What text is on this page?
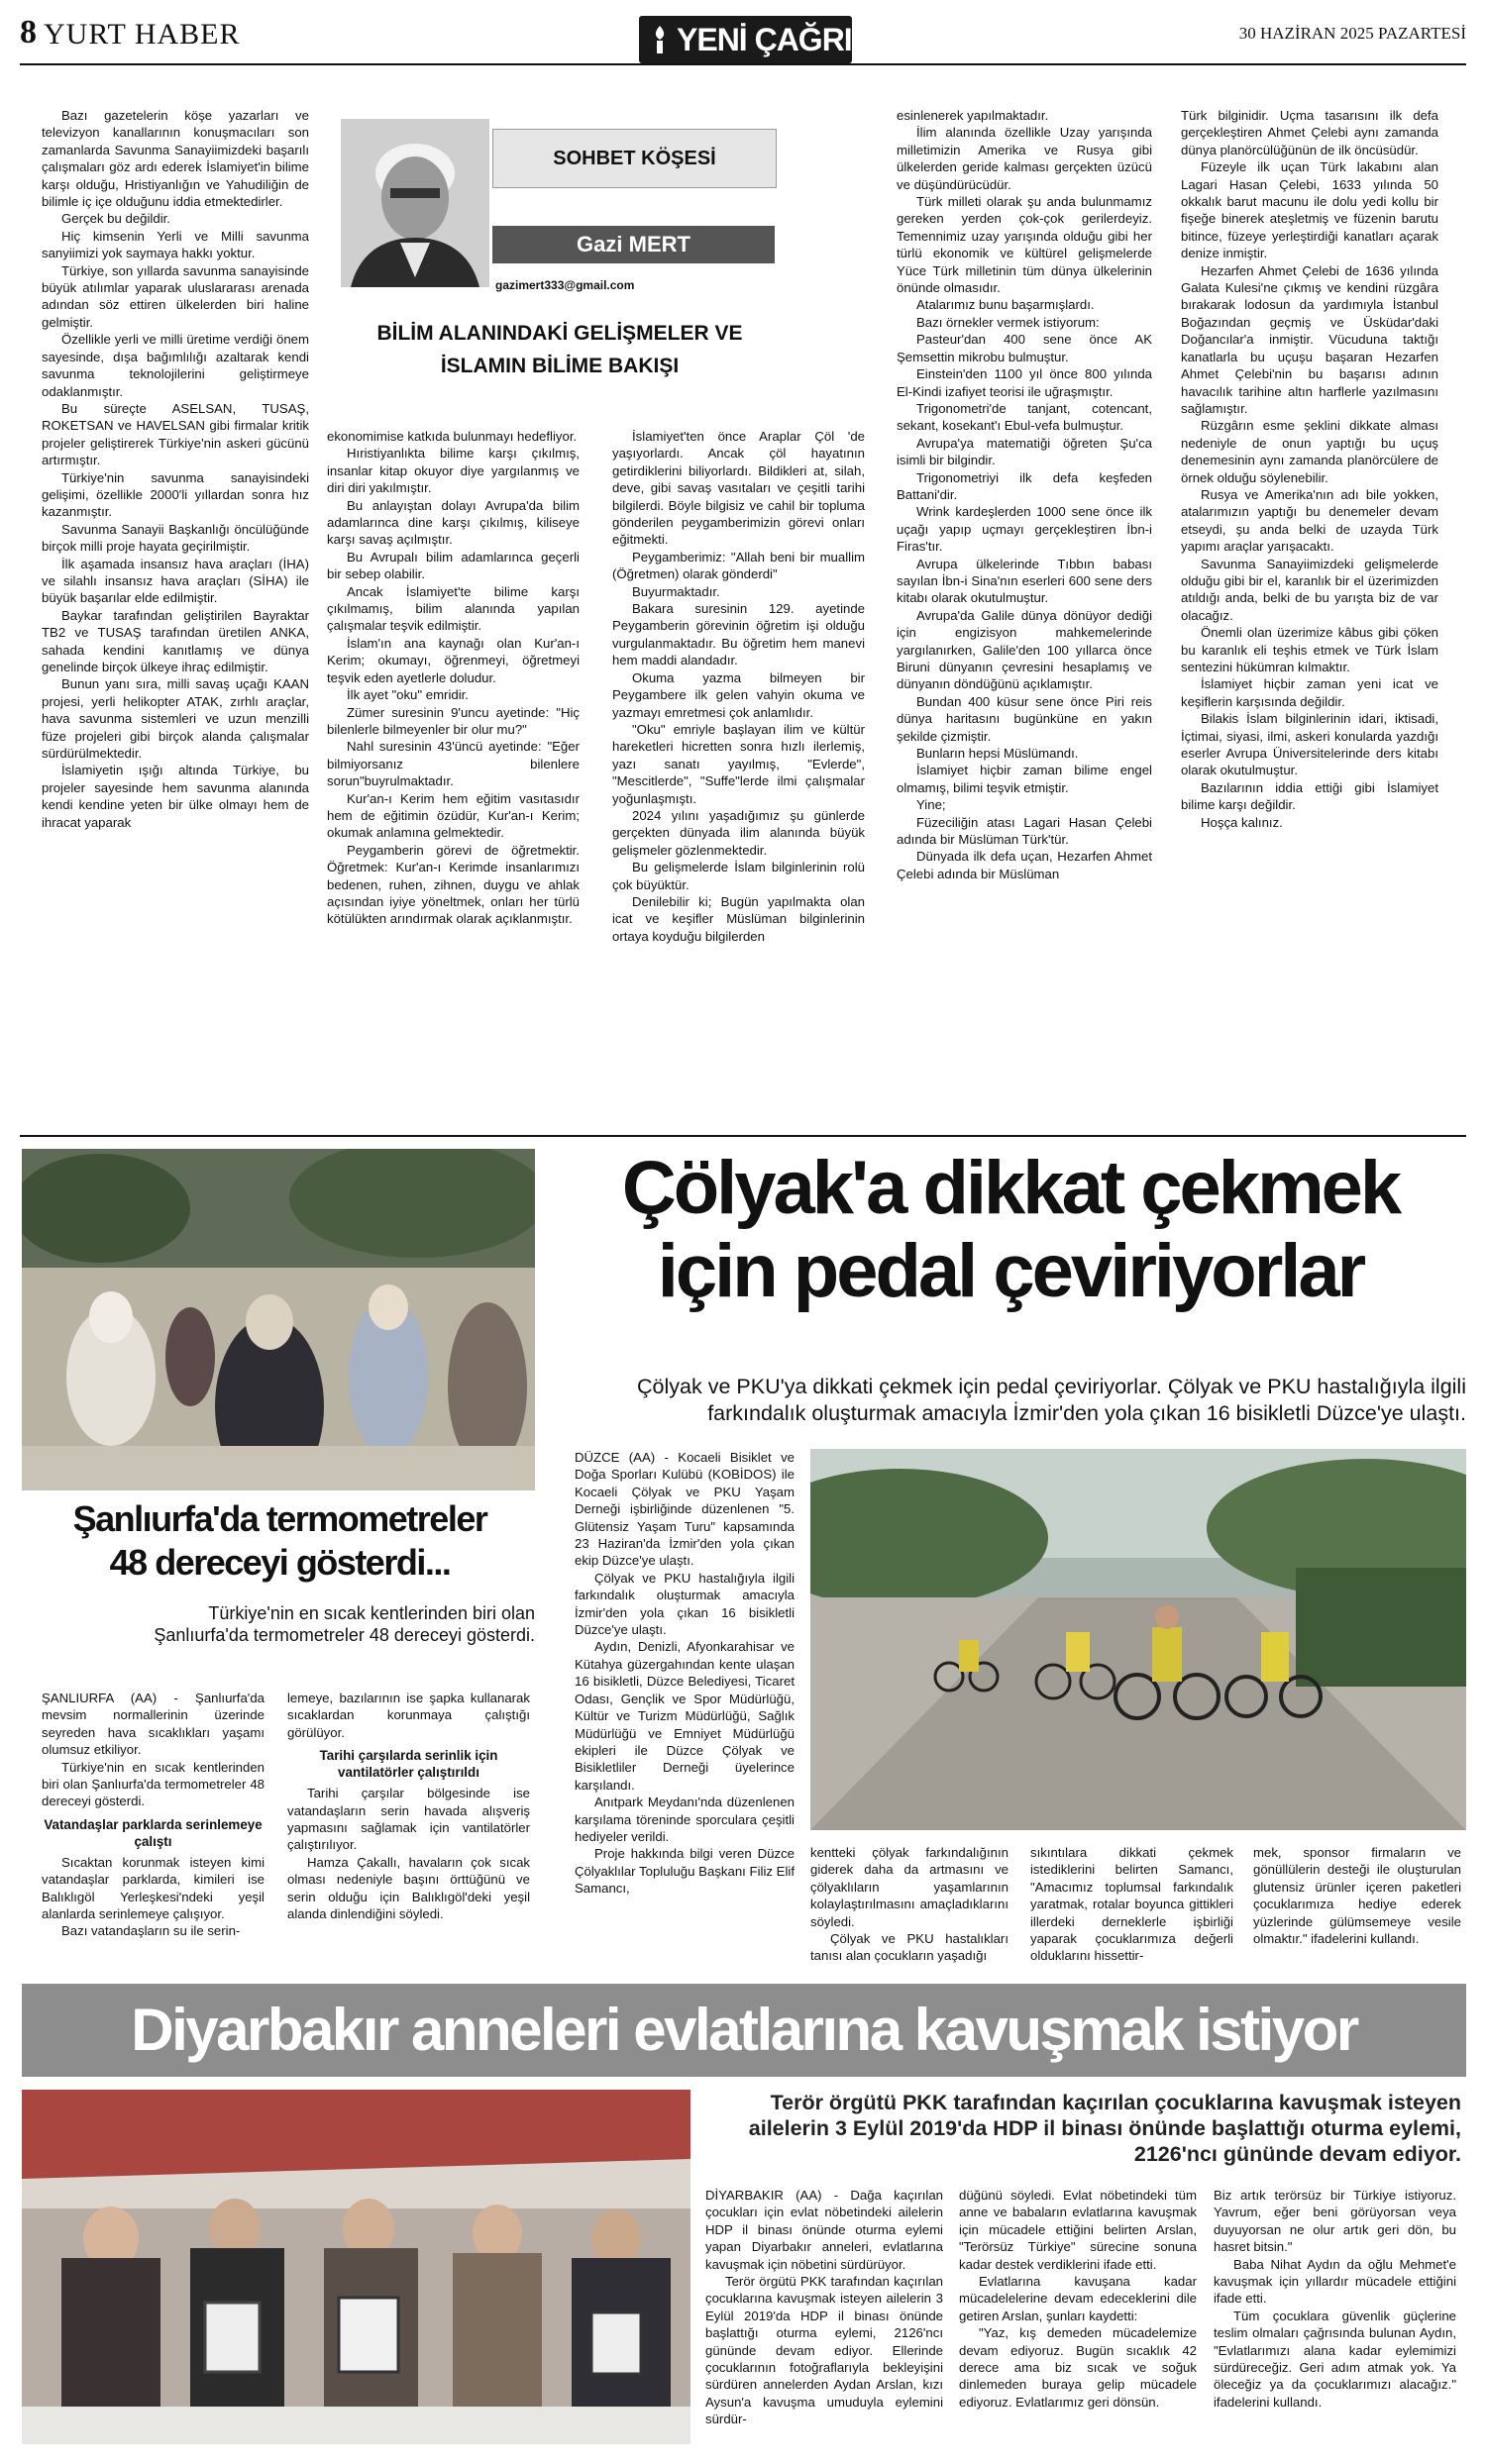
8 YURT HABER	YENİ ÇAĞRI	30 HAZİRAN 2025 PAZARTESİ
SOHBET KÖŞESİ
Gazi MERT
gazimert333@gmail.com
BİLİM ALANINDAKİ GELİŞMELER VE
İSLAMIN BİLİME BAKIŞI

Bazı gazetelerin köşe yazarları ve televizyon kanallarının konuşmacıları son zamanlarda Savunma Sanayiimizdeki başarılı çalışmaları göz ardı ederek İslamiyet'in bilime karşı olduğu, Hristiyanlığın ve Yahudiliğin de bilimle iç içe olduğunu iddia etmektedirler.

Gerçek bu değildir.

Hiç kimsenin Yerli ve Milli savunma sanyiimizi yok saymaya hakkı yoktur.

Türkiye, son yıllarda savunma sanayisinde büyük atılımlar yaparak uluslararası arenada adından söz ettiren ülkelerden biri haline gelmiştir.

Özellikle yerli ve milli üretime verdiği önem sayesinde, dışa bağımlılığı azaltarak kendi savunma teknolojilerini geliştirmeye odaklanmıştır.

Bu süreçte ASELSAN, TUSAŞ, ROKETSAN ve HAVELSAN gibi firmalar kritik projeler geliştirerek Türkiye'nin askeri gücünü artırmıştır.

Türkiye'nin savunma sanayisindeki gelişimi, özellikle 2000'li yıllardan sonra hız kazanmıştır.

Savunma Sanayii Başkanlığı öncülüğünde birçok milli proje hayata geçirilmiştir.

İlk aşamada insansız hava araçları (İHA) ve silahlı insansız hava araçları (SİHA) ile büyük başarılar elde edilmiştir.

Baykar tarafından geliştirilen Bayraktar TB2 ve TUSAŞ tarafından üretilen ANKA, sahada kendini kanıtlamış ve dünya genelinde birçok ülkeye ihraç edilmiştir.

Bunun yanı sıra, milli savaş uçağı KAAN projesi, yerli helikopter ATAK, zırhlı araçlar, hava savunma sistemleri ve uzun menzilli füze projeleri gibi birçok alanda çalışmalar sürdürülmektedir.

İslamiyetin ışığı altında Türkiye, bu projeler sayesinde hem savunma alanında kendi kendine yeten bir ülke olmayı hem de ihracat yaparak

ekonomimise katkıda bulunmayı hedefliyor.

Hıristiyanlıkta bilime karşı çıkılmış, insanlar kitap okuyor diye yargılanmış ve diri diri yakılmıştır.

Bu anlayıştan dolayı Avrupa'da bilim adamlarınca dine karşı çıkılmış, kiliseye karşı savaş açılmıştır.

Bu Avrupalı bilim adamlarınca geçerli bir sebep olabilir.

Ancak İslamiyet'te bilime karşı çıkılmamış, bilim alanında yapılan çalışmalar teşvik edilmiştir.

İslam'ın ana kaynağı olan Kur'an-ı Kerim; okumayı, öğrenmeyi, öğretmeyi teşvik eden ayetlerle doludur.

İlk ayet "oku" emridir.

Zümer suresinin 9'uncu ayetinde: "Hiç bilenlerle bilmeyenler bir olur mu?"

Nahl suresinin 43'üncü ayetinde: "Eğer bilmiyorsanız bilenlere sorun"buyrulmaktadır.

Kur'an-ı Kerim hem eğitim vasıtasıdır hem de eğitimin özüdür, Kur'an-ı Kerim; okumak anlamına gelmektedir.

Peygamberin görevi de öğretmektir. Öğretmek: Kur'an-ı Kerimde insanlarımızı bedenen, ruhen, zihnen, duygu ve ahlak açısından iyiye yöneltmek, onları her türlü kötülükten arındırmak olarak açıklanmıştır.

İslamiyet'ten önce Araplar Çöl 'de yaşıyorlardı. Ancak çöl hayatının getirdiklerini biliyorlardı. Bildikleri at, silah, deve, gibi savaş vasıtaları ve çeşitli tarihi bilgilerdi. Böyle bilgisiz ve cahil bir topluma gönderilen peygamberimizin görevi onları eğitmekti.

Peygamberimiz: "Allah beni bir muallim (Öğretmen) olarak gönderdi"

Buyurmaktadır.

Bakara suresinin 129. ayetinde Peygamberin görevinin öğretim işi olduğu vurgulanmaktadır. Bu öğretim hem manevi hem maddi alandadır.

Okuma yazma bilmeyen bir Peygambere ilk gelen vahyin okuma ve yazmayı emretmesi çok anlamlıdır.

"Oku" emriyle başlayan ilim ve kültür hareketleri hicretten sonra hızlı ilerlemiş, yazı sanatı yayılmış, "Evlerde", "Mescitlerde", "Suffe"lerde ilmi çalışmalar yoğunlaşmıştı.

2024 yılını yaşadığımız şu günlerde gerçekten dünyada ilim alanında büyük gelişmeler gözlenmektedir.

Bu gelişmelerde İslam bilginlerinin rolü çok büyüktür.

Denilebilir ki; Bugün yapılmakta olan icat ve keşifler Müslüman bilginlerinin ortaya koyduğu bilgilerden

esinlenerek yapılmaktadır.

İlim alanında özellikle Uzay yarışında milletimizin Amerika ve Rusya gibi ülkelerden geride kalması gerçekten üzücü ve düşündürücüdür.

Türk milleti olarak şu anda bulunmamız gereken yerden çok-çok gerilerdeyiz. Temennimiz uzay yarışında olduğu gibi her türlü ekonomik ve kültürel gelişmelerde Yüce Türk milletinin tüm dünya ülkelerinin önünde olmasıdır.

Atalarımız bunu başarmışlardı.

Bazı örnekler vermek istiyorum:

Pasteur'dan 400 sene önce AK Şemsettin mikrobu bulmuştur.

Einstein'den 1100 yıl önce 800 yılında El-Kindi izafiyet teorisi ile uğraşmıştır.

Trigonometri'de tanjant, cotencant, sekant, kosekant'ı Ebul-vefa bulmuştur.

Avrupa'ya matematiği öğreten Şu'ca isimli bir bilgindir.

Trigonometriyi ilk defa keşfeden Battani'dir.

Wrink kardeşlerden 1000 sene önce ilk uçağı yapıp uçmayı gerçekleştiren İbn-i Firas'tır.

Avrupa ülkelerinde Tıbbın babası sayılan İbn-i Sina'nın eserleri 600 sene ders kitabı olarak okutulmuştur.

Avrupa'da Galile dünya dönüyor dediği için engizisyon mahkemelerinde yargılanırken, Galile'den 100 yıllarca önce Biruni dünyanın çevresini hesaplamış ve dünyanın döndüğünü açıklamıştır.

Bundan 400 küsur sene önce Piri reis dünya haritasını bugünküne en yakın şekilde çizmiştir.

Bunların hepsi Müslümandı.

İslamiyet hiçbir zaman bilime engel olmamış, bilimi teşvik etmiştir.

Yine;

Füzeciliğin atası Lagari Hasan Çelebi adında bir Müslüman Türk'tür.

Dünyada ilk defa uçan, Hezarfen Ahmet Çelebi adında bir Müslüman

Türk bilginidir. Uçma tasarısını ilk defa gerçekleştiren Ahmet Çelebi aynı zamanda dünya planörcülüğünün de ilk öncüsüdür.

Füzeyle ilk uçan Türk lakabını alan Lagari Hasan Çelebi, 1633 yılında 50 okkalık barut macunu ile dolu yedi kollu bir fişeğe binerek ateşletmiş ve füzenin barutu bitince, füzeye yerleştirdiği kanatları açarak denize inmiştir.

Hezarfen Ahmet Çelebi de 1636 yılında Galata Kulesi'ne çıkmış ve kendini rüzgâra bırakarak lodosun da yardımıyla İstanbul Boğazından geçmiş ve Üsküdar'daki Doğancılar'a inmiştir. Vücuduna taktığı kanatlarla bu uçuşu başaran Hezarfen Ahmet Çelebi'nin bu başarısı adının havacılık tarihine altın harflerle yazılmasını sağlamıştır.

Rüzgârın esme şeklini dikkate alması nedeniyle de onun yaptığı bu uçuş denemesinin aynı zamanda planörcülere de örnek olduğu söylenebilir.

Rusya ve Amerika'nın adı bile yokken, atalarımızın yaptığı bu denemeler devam etseydi, şu anda belki de uzayda Türk yapımı araçlar yarışacaktı.

Savunma Sanayiimizdeki gelişmelerde olduğu gibi bir el, karanlık bir el üzerimizden atıldığı anda, belki de bu yarışta biz de var olacağız.

Önemli olan üzerimize kâbus gibi çöken bu karanlık eli teşhis etmek ve Türk İslam sentezini hükümran kılmaktır.

İslamiyet hiçbir zaman yeni icat ve keşiflerin karşısında değildir.

Bilakis İslam bilginlerinin idari, iktisadi, İçtimai, siyasi, ilmi, askeri konularda yazdığı eserler Avrupa Üniversitelerinde ders kitabı olarak okutulmuştur.

Bazılarının iddia ettiği gibi İslamiyet bilime karşı değildir.

Hoşça kalınız.

Şanlıurfa'da termometreler
48 dereceyi gösterdi...
Türkiye'nin en sıcak kentlerinden biri olan Şanlıurfa'da termometreler 48 dereceyi gösterdi.

ŞANLIURFA (AA) - Şanlıurfa'da mevsim normallerinin üzerinde seyreden hava sıcaklıkları yaşamı olumsuz etkiliyor.

Türkiye'nin en sıcak kentlerinden biri olan Şanlıurfa'da termometreler 48 dereceyi gösterdi.

Vatandaşlar parklarda serinlemeye çalıştı

Sıcaktan korunmak isteyen kimi vatandaşlar parklarda, kimileri ise Balıklıgöl Yerleşkesi'ndeki yeşil alanlarda serinlemeye çalışıyor.

Bazı vatandaşların su ile serin-

lemeye, bazılarının ise şapka kullanarak sıcaklardan korunmaya çalıştığı görülüyor.

Tarihi çarşılarda serinlik için vantilatörler çalıştırıldı

Tarihi çarşılar bölgesinde ise vatandaşların serin havada alışveriş yapmasını sağlamak için vantilatörler çalıştırılıyor.

Hamza Çakallı, havaların çok sıcak olması nedeniyle başını örttüğünü ve serin olduğu için Balıklıgöl'deki yeşil alanda dinlendiğini söyledi.

Çölyak'a dikkat çekmek
için pedal çeviriyorlar
Çölyak ve PKU'ya dikkati çekmek için pedal çeviriyorlar. Çölyak ve PKU hastalığıyla ilgili farkındalık oluşturmak amacıyla İzmir'den yola çıkan 16 bisikletli Düzce'ye ulaştı.

DÜZCE (AA) - Kocaeli Bisiklet ve Doğa Sporları Kulübü (KOBİDOS) ile Kocaeli Çölyak ve PKU Yaşam Derneği işbirliğinde düzenlenen "5. Glütensiz Yaşam Turu" kapsamında 23 Haziran'da İzmir'den yola çıkan ekip Düzce'ye ulaştı.

Çölyak ve PKU hastalığıyla ilgili farkındalık oluşturmak amacıyla İzmir'den yola çıkan 16 bisikletli Düzce'ye ulaştı.

Aydın, Denizli, Afyonkarahisar ve Kütahya güzergahından kente ulaşan 16 bisikletli, Düzce Belediyesi, Ticaret Odası, Gençlik ve Spor Müdürlüğü, Kültür ve Turizm Müdürlüğü, Sağlık Müdürlüğü ve Emniyet Müdürlüğü ekipleri ile Düzce Çölyak ve Bisikletliler Derneği üyelerince karşılandı.

Anıtpark Meydanı'nda düzenlenen karşılama töreninde sporculara çeşitli hediyeler verildi.

Proje hakkında bilgi veren Düzce Çölyaklılar Topluluğu Başkanı Filiz Elif Samancı,

kentteki çölyak farkındalığının giderek daha da artmasını ve çölyaklıların yaşamlarının kolaylaştırılmasını amaçladıklarını söyledi.

Çölyak ve PKU hastalıkları tanısı alan çocukların yaşadığı

sıkıntılara dikkati çekmek istediklerini belirten Samancı, "Amacımız toplumsal farkındalık yaratmak, rotalar boyunca gittikleri illerdeki derneklerle işbirliği yaparak çocuklarımıza değerli olduklarını hissettir-

mek, sponsor firmaların ve gönüllülerin desteği ile oluşturulan glutensiz ürünler içeren paketleri çocuklarımıza hediye ederek yüzlerinde gülümsemeye vesile olmaktır." ifadelerini kullandı.

Diyarbakır anneleri evlatlarına kavuşmak istiyor
Terör örgütü PKK tarafından kaçırılan çocuklarına kavuşmak isteyen ailelerin 3 Eylül 2019'da HDP il binası önünde başlattığı oturma eylemi, 2126'ncı gününde devam ediyor.

DİYARBAKIR (AA) - Dağa kaçırılan çocukları için evlat nöbetindeki ailelerin HDP il binası önünde oturma eylemi yapan Diyarbakır anneleri, evlatlarına kavuşmak için nöbetini sürdürüyor.

Terör örgütü PKK tarafından kaçırılan çocuklarına kavuşmak isteyen ailelerin 3 Eylül 2019'da HDP il binası önünde başlattığı oturma eylemi, 2126'ncı gününde devam ediyor. Ellerinde çocuklarının fotoğraflarıyla bekleyişini sürdüren annelerden Aydan Arslan, kızı Aysun'a kavuşma umuduyla eylemini sürdür-

düğünü söyledi. Evlat nöbetindeki tüm anne ve babaların evlatlarına kavuşmak için mücadele ettiğini belirten Arslan, "Terörsüz Türkiye" sürecine sonuna kadar destek verdiklerini ifade etti.

Evlatlarına kavuşana kadar mücadelelerine devam edeceklerini dile getiren Arslan, şunları kaydetti:

"Yaz, kış demeden mücadelemize devam ediyoruz. Bugün sıcaklık 42 derece ama biz sıcak ve soğuk dinlemeden buraya gelip mücadele ediyoruz. Evlatlarımız geri dönsün.

Biz artık terörsüz bir Türkiye istiyoruz. Yavrum, eğer beni görüyorsan veya duyuyorsan ne olur artık geri dön, bu hasret bitsin."

Baba Nihat Aydın da oğlu Mehmet'e kavuşmak için yıllardır mücadele ettiğini ifade etti.

Tüm çocuklara güvenlik güçlerine teslim olmaları çağrısında bulunan Aydın, "Evlatlarımızı alana kadar eylemimizi sürdüreceğiz. Geri adım atmak yok. Ya öleceğiz ya da çocuklarımızı alacağız." ifadelerini kullandı.
